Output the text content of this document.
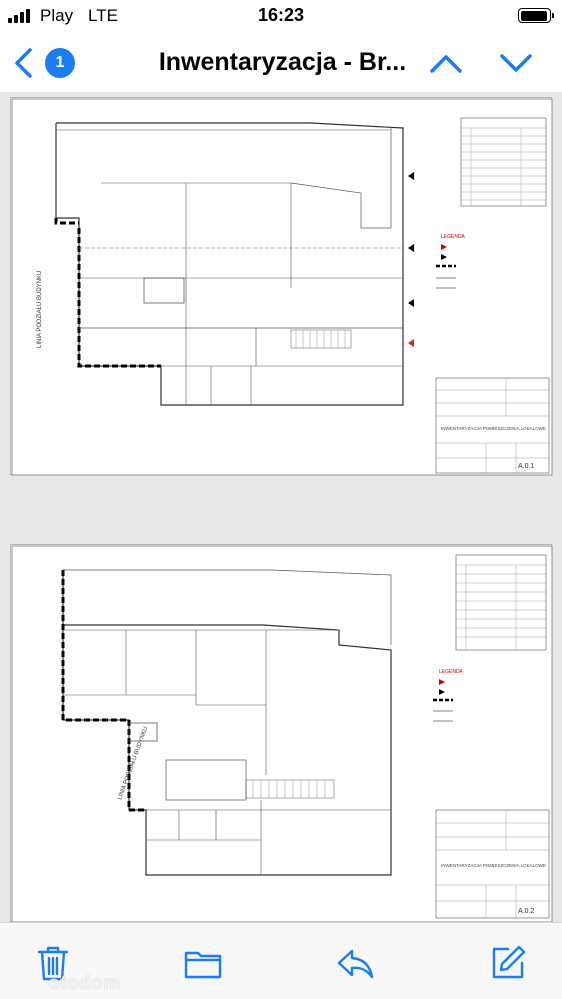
Play LTE	16:23
1	Inwentaryzacja - Br...
LINIA PODZIAŁU BUDYNKU
LEGENDA
INWENTARYZACJA POMIESZCZENIA LOKALOWE
A.0.1
LINIA PODZIAŁU BUDYNKU
LEGENDA
INWENTARYZACJA POMIESZCZENIA LOKALOWE
A.0.2
otodom
